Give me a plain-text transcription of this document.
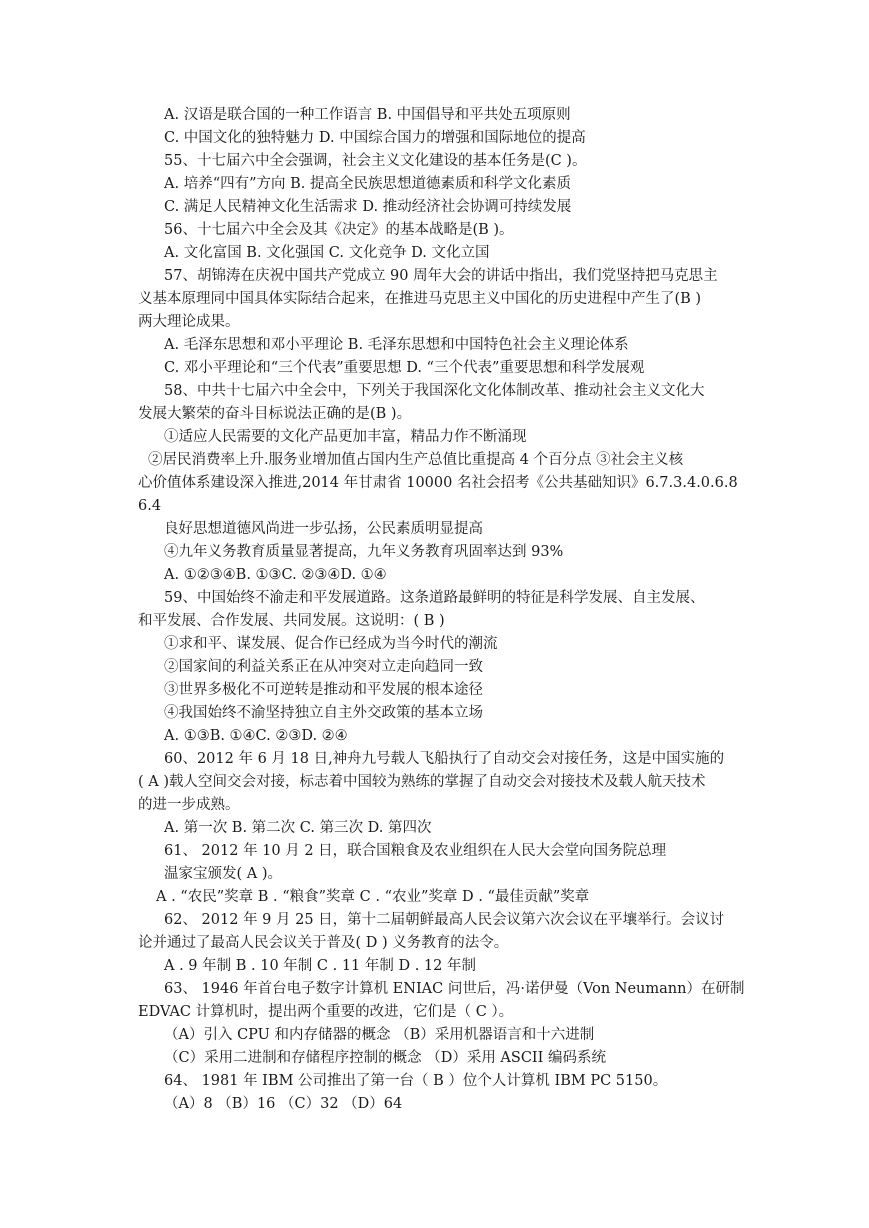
A. 汉语是联合国的一种工作语言 B. 中国倡导和平共处五项原则
C. 中国文化的独特魅力 D. 中国综合国力的增强和国际地位的提高
55、十七届六中全会强调，社会主义文化建设的基本任务是(C )。
A. 培养“四有”方向 B. 提高全民族思想道德素质和科学文化素质
C. 满足人民精神文化生活需求 D. 推动经济社会协调可持续发展
56、十七届六中全会及其《决定》的基本战略是(B )。
A. 文化富国 B. 文化强国 C. 文化竞争 D. 文化立国
57、胡锦涛在庆祝中国共产党成立 90 周年大会的讲话中指出，我们党坚持把马克思主
义基本原理同中国具体实际结合起来，在推进马克思主义中国化的历史进程中产生了(B )
两大理论成果。
A. 毛泽东思想和邓小平理论 B. 毛泽东思想和中国特色社会主义理论体系
C. 邓小平理论和“三个代表”重要思想 D. “三个代表”重要思想和科学发展观
58、中共十七届六中全会中，下列关于我国深化文化体制改革、推动社会主义文化大
发展大繁荣的奋斗目标说法正确的是(B )。
①适应人民需要的文化产品更加丰富，精品力作不断涌现
②居民消费率上升.服务业增加值占国内生产总值比重提高 4 个百分点 ③社会主义核
心价值体系建设深入推进,2014 年甘肃省 10000 名社会招考《公共基础知识》6.7.3.4.0.6.8
6.4
良好思想道德风尚进一步弘扬，公民素质明显提高
④九年义务教育质量显著提高，九年义务教育巩固率达到 93%
A. ①②③④B. ①③C. ②③④D. ①④
59、中国始终不渝走和平发展道路。这条道路最鲜明的特征是科学发展、自主发展、
和平发展、合作发展、共同发展。这说明：( B )
①求和平、谋发展、促合作已经成为当今时代的潮流
②国家间的利益关系正在从冲突对立走向趋同一致
③世界多极化不可逆转是推动和平发展的根本途径
④我国始终不渝坚持独立自主外交政策的基本立场
A. ①③B. ①④C. ②③D. ②④
60、2012 年 6 月 18 日,神舟九号载人飞船执行了自动交会对接任务，这是中国实施的
( A )载人空间交会对接，标志着中国较为熟练的掌握了自动交会对接技术及载人航天技术
的进一步成熟。
A. 第一次 B. 第二次 C. 第三次 D. 第四次
61、 2012 年 10 月 2 日，联合国粮食及农业组织在人民大会堂向国务院总理
温家宝颁发( A )。
A . “农民”奖章 B . “粮食”奖章 C . “农业”奖章 D . “最佳贡献”奖章
62、 2012 年 9 月 25 日，第十二届朝鲜最高人民会议第六次会议在平壤举行。会议讨
论并通过了最高人民会议关于普及( D ) 义务教育的法令。
A . 9 年制 B . 10 年制 C . 11 年制 D . 12 年制
63、 1946 年首台电子数字计算机 ENIAC 问世后，冯·诺伊曼（Von Neumann）在研制
EDVAC 计算机时，提出两个重要的改进，它们是（ C ）。
（A）引入 CPU 和内存储器的概念 （B）采用机器语言和十六进制
（C）采用二进制和存储程序控制的概念 （D）采用 ASCII 编码系统
64、 1981 年 IBM 公司推出了第一台（ B ）位个人计算机 IBM PC 5150。
（A）8 （B）16 （C）32 （D）64
